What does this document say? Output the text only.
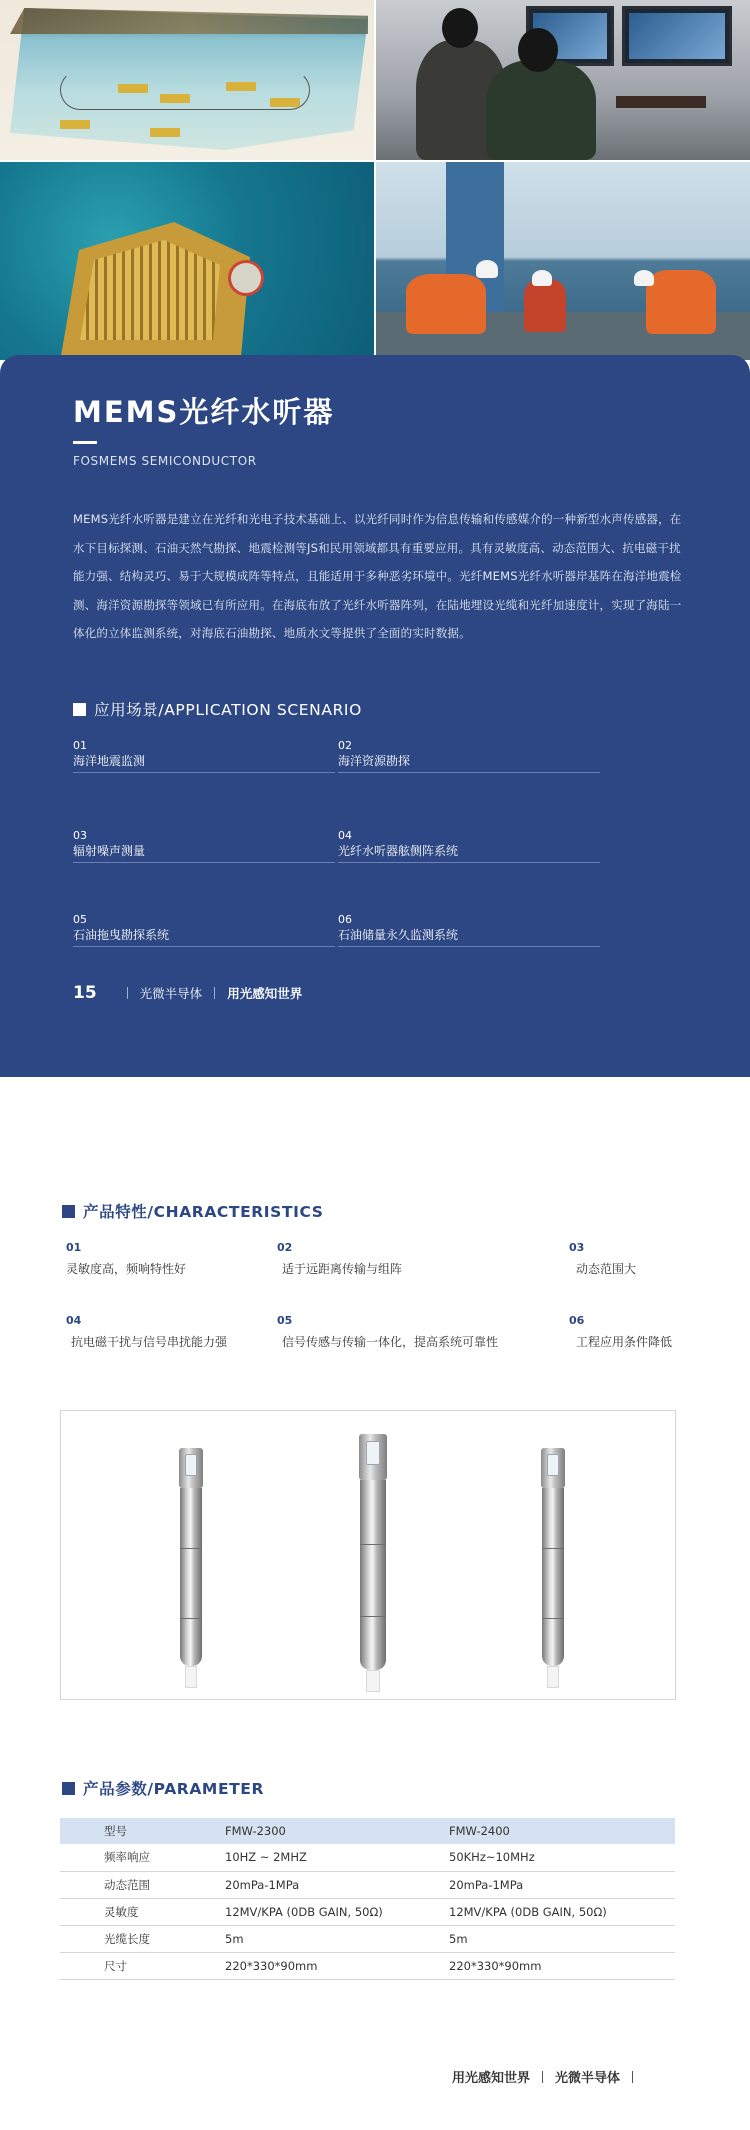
MEMS光纤水听器
FOSMEMS SEMICONDUCTOR
MEMS光纤水听器是建立在光纤和光电子技术基础上、以光纤同时作为信息传输和传感媒介的一种新型水声传感器，在水下目标探测、石油天然气勘探、地震检测等JS和民用领域都具有重要应用。具有灵敏度高、动态范围大、抗电磁干扰能力强、结构灵巧、易于大规模成阵等特点，且能适用于多种恶劣环境中。光纤MEMS光纤水听器岸基阵在海洋地震检测、海洋资源勘探等领域已有所应用。在海底布放了光纤水听器阵列，在陆地埋设光缆和光纤加速度计，实现了海陆一体化的立体监测系统，对海底石油勘探、地质水文等提供了全面的实时数据。
应用场景/APPLICATION SCENARIO
01
海洋地震监测
02
海洋资源勘探
03
辐射噪声测量
04
光纤水听器舷侧阵系统
05
石油拖曳勘探系统
06
石油储量永久监测系统
15	光微半导体 用光感知世界
产品特性/CHARACTERISTICS
01
灵敏度高，频响特性好
02
适于远距离传输与组阵
03
动态范围大
04
抗电磁干扰与信号串扰能力强
05
信号传感与传输一体化，提高系统可靠性
06
工程应用条件降低
产品参数/PARAMETER
型号	FMW-2300	FMW-2400
频率响应	10HZ ~ 2MHZ	50KHz~10MHz
动态范围	20mPa-1MPa	20mPa-1MPa
灵敏度	12MV/KPA (0DB GAIN, 50Ω)	12MV/KPA (0DB GAIN, 50Ω)
光缆长度	5m	5m
尺寸	220*330*90mm	220*330*90mm
用光感知世界 光微半导体
